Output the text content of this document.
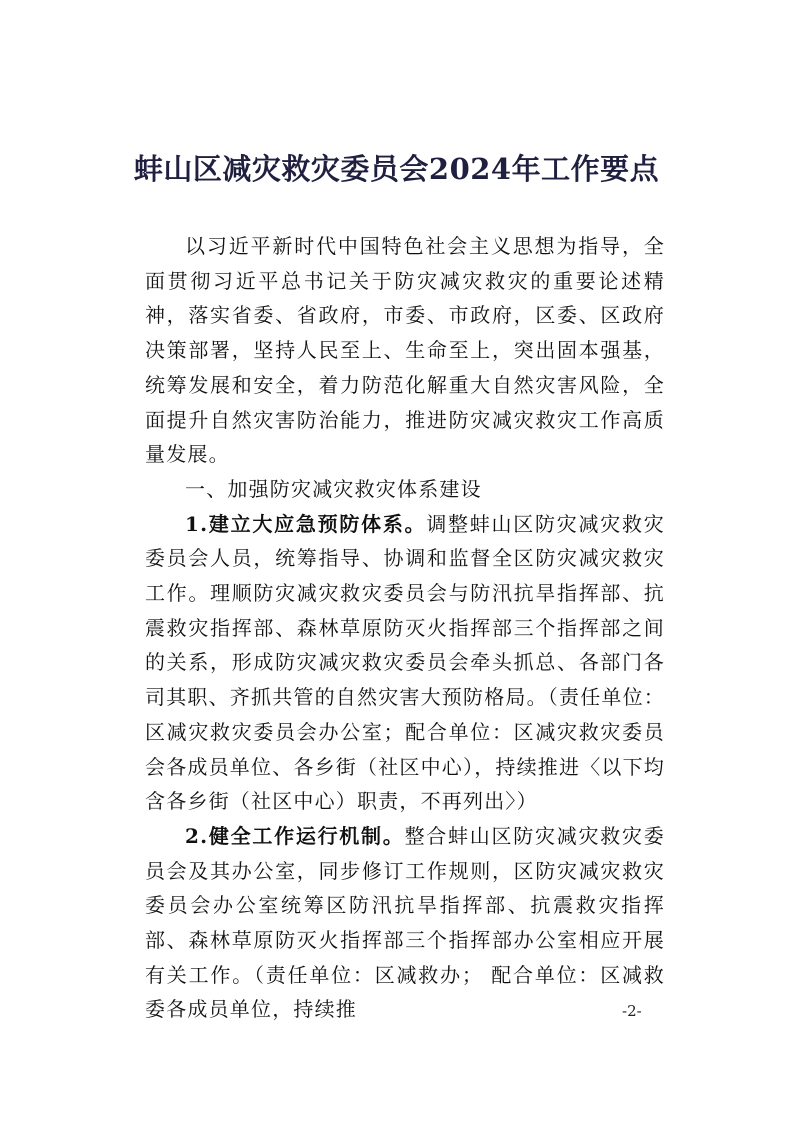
蚌山区减灾救灾委员会2024年工作要点

以习近平新时代中国特色社会主义思想为指导，全面贯彻习近平总书记关于防灾减灾救灾的重要论述精神，落实省委、省政府，市委、市政府，区委、区政府决策部署，坚持人民至上、生命至上，突出固本强基，统筹发展和安全，着力防范化解重大自然灾害风险，全面提升自然灾害防治能力，推进防灾减灾救灾工作高质量发展。

一、加强防灾减灾救灾体系建设

1.建立大应急预防体系。调整蚌山区防灾减灾救灾委员会人员，统筹指导、协调和监督全区防灾减灾救灾工作。理顺防灾减灾救灾委员会与防汛抗旱指挥部、抗震救灾指挥部、森林草原防灭火指挥部三个指挥部之间的关系，形成防灾减灾救灾委员会牵头抓总、各部门各司其职、齐抓共管的自然灾害大预防格局。（责任单位：区减灾救灾委员会办公室；配合单位：区减灾救灾委员会各成员单位、各乡街（社区中心），持续推进〈以下均含各乡街（社区中心）职责，不再列出〉）

2.健全工作运行机制。整合蚌山区防灾减灾救灾委员会及其办公室，同步修订工作规则，区防灾减灾救灾委员会办公室统筹区防汛抗旱指挥部、抗震救灾指挥部、森林草原防灭火指挥部三个指挥部办公室相应开展有关工作。（责任单位：区减救办； 配合单位：区减救委各成员单位，持续推	-2-
